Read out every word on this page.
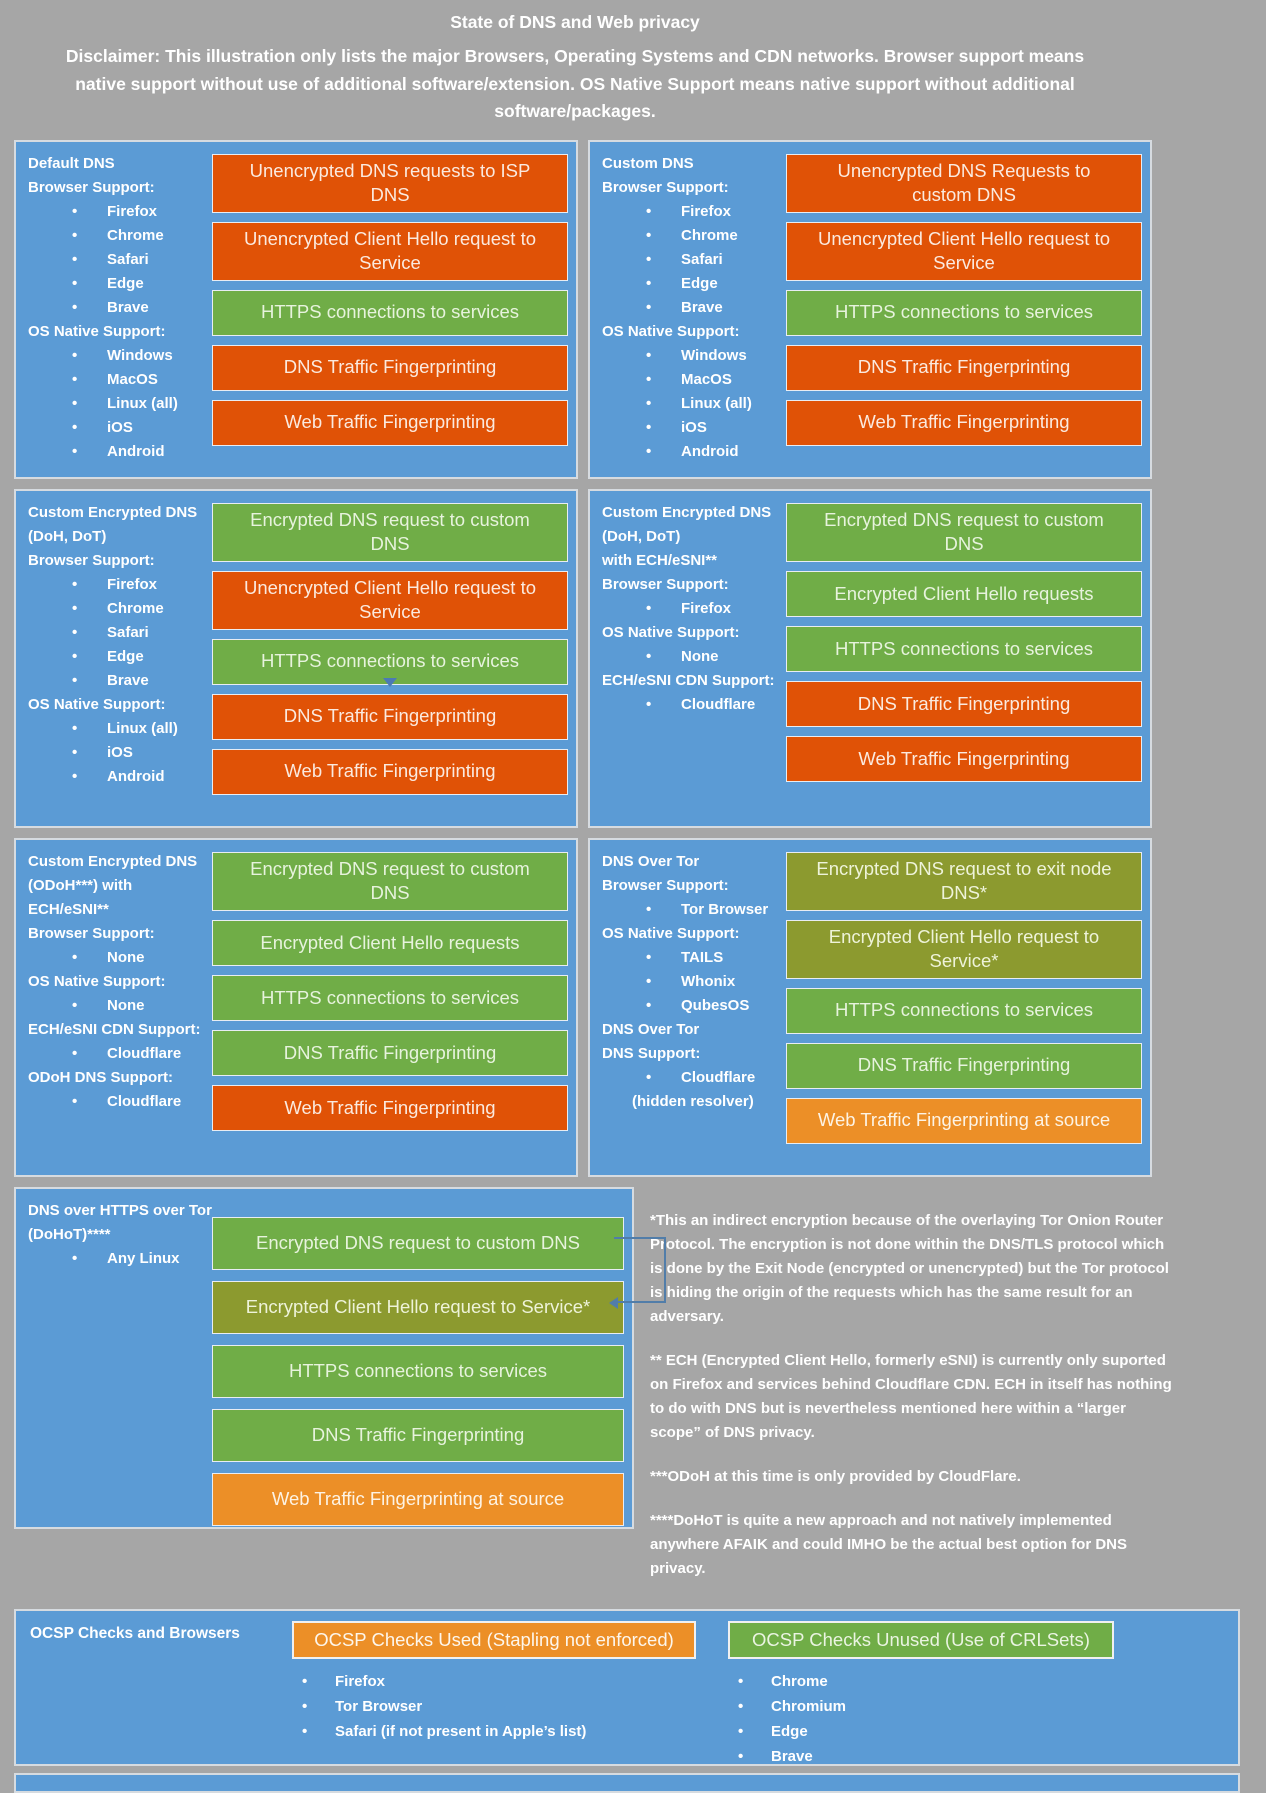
State of DNS and Web privacy
Disclaimer: This illustration only lists the major Browsers, Operating Systems and CDN networks. Browser support means native support without use of additional software/extension. OS Native Support means native support without additional software/packages.
Default DNS
Browser Support:
•
Firefox
•
Chrome
•
Safari
•
Edge
•
Brave
OS Native Support:
•
Windows
•
MacOS
•
Linux (all)
•
iOS
•
Android
Unencrypted DNS requests to ISP DNS
Unencrypted Client Hello request to Service
HTTPS connections to services
DNS Traffic Fingerprinting
Web Traffic Fingerprinting
Custom DNS
Browser Support:
•
Firefox
•
Chrome
•
Safari
•
Edge
•
Brave
OS Native Support:
•
Windows
•
MacOS
•
Linux (all)
•
iOS
•
Android
Unencrypted DNS Requests to custom DNS
Unencrypted Client Hello request to Service
HTTPS connections to services
DNS Traffic Fingerprinting
Web Traffic Fingerprinting
Custom Encrypted DNS
(DoH, DoT)
Browser Support:
•
Firefox
•
Chrome
•
Safari
•
Edge
•
Brave
OS Native Support:
•
Linux (all)
•
iOS
•
Android
Encrypted DNS request to custom DNS
Unencrypted Client Hello request to Service
HTTPS connections to services
DNS Traffic Fingerprinting
Web Traffic Fingerprinting
Custom Encrypted DNS
(DoH, DoT)
with ECH/eSNI**
Browser Support:
•
Firefox
OS Native Support:
•
None
ECH/eSNI CDN Support:
•
Cloudflare
Encrypted DNS request to custom DNS
Encrypted Client Hello requests
HTTPS connections to services
DNS Traffic Fingerprinting
Web Traffic Fingerprinting
Custom Encrypted DNS
(ODoH***) with
ECH/eSNI**
Browser Support:
•
None
OS Native Support:
•
None
ECH/eSNI CDN Support:
•
Cloudflare
ODoH DNS Support:
•
Cloudflare
Encrypted DNS request to custom DNS
Encrypted Client Hello requests
HTTPS connections to services
DNS Traffic Fingerprinting
Web Traffic Fingerprinting
DNS Over Tor
Browser Support:
•
Tor Browser
OS Native Support:
•
TAILS
•
Whonix
•
QubesOS
DNS Over Tor
DNS Support:
•
Cloudflare
(hidden resolver)
Encrypted DNS request to exit node DNS*
Encrypted Client Hello request to Service*
HTTPS connections to services
DNS Traffic Fingerprinting
Web Traffic Fingerprinting at source
DNS over HTTPS over Tor
(DoHoT)****
•
Any Linux
Encrypted DNS request to custom DNS
Encrypted Client Hello request to Service*
HTTPS connections to services
DNS Traffic Fingerprinting
Web Traffic Fingerprinting at source

*This an indirect encryption because of the overlaying Tor Onion Router Protocol. The encryption is not done within the DNS/TLS protocol which is done by the Exit Node (encrypted or unencrypted) but the Tor protocol is hiding the origin of the requests which has the same result for an adversary.

** ECH (Encrypted Client Hello, formerly eSNI) is currently only suported on Firefox and services behind Cloudflare CDN. ECH in itself has nothing to do with DNS but is nevertheless mentioned here within a “larger scope” of DNS privacy.

***ODoH at this time is only provided by CloudFlare.

****DoHoT is quite a new approach and not natively implemented anywhere AFAIK and could IMHO be the actual best option for DNS privacy.

OCSP Checks and Browsers	OCSP Checks Used (Stapling not enforced)
•
Firefox
•
Tor Browser
•
Safari (if not present in Apple’s list)
OCSP Checks Unused (Use of CRLSets)
•
Chrome
•
Chromium
•
Edge
•
Brave
